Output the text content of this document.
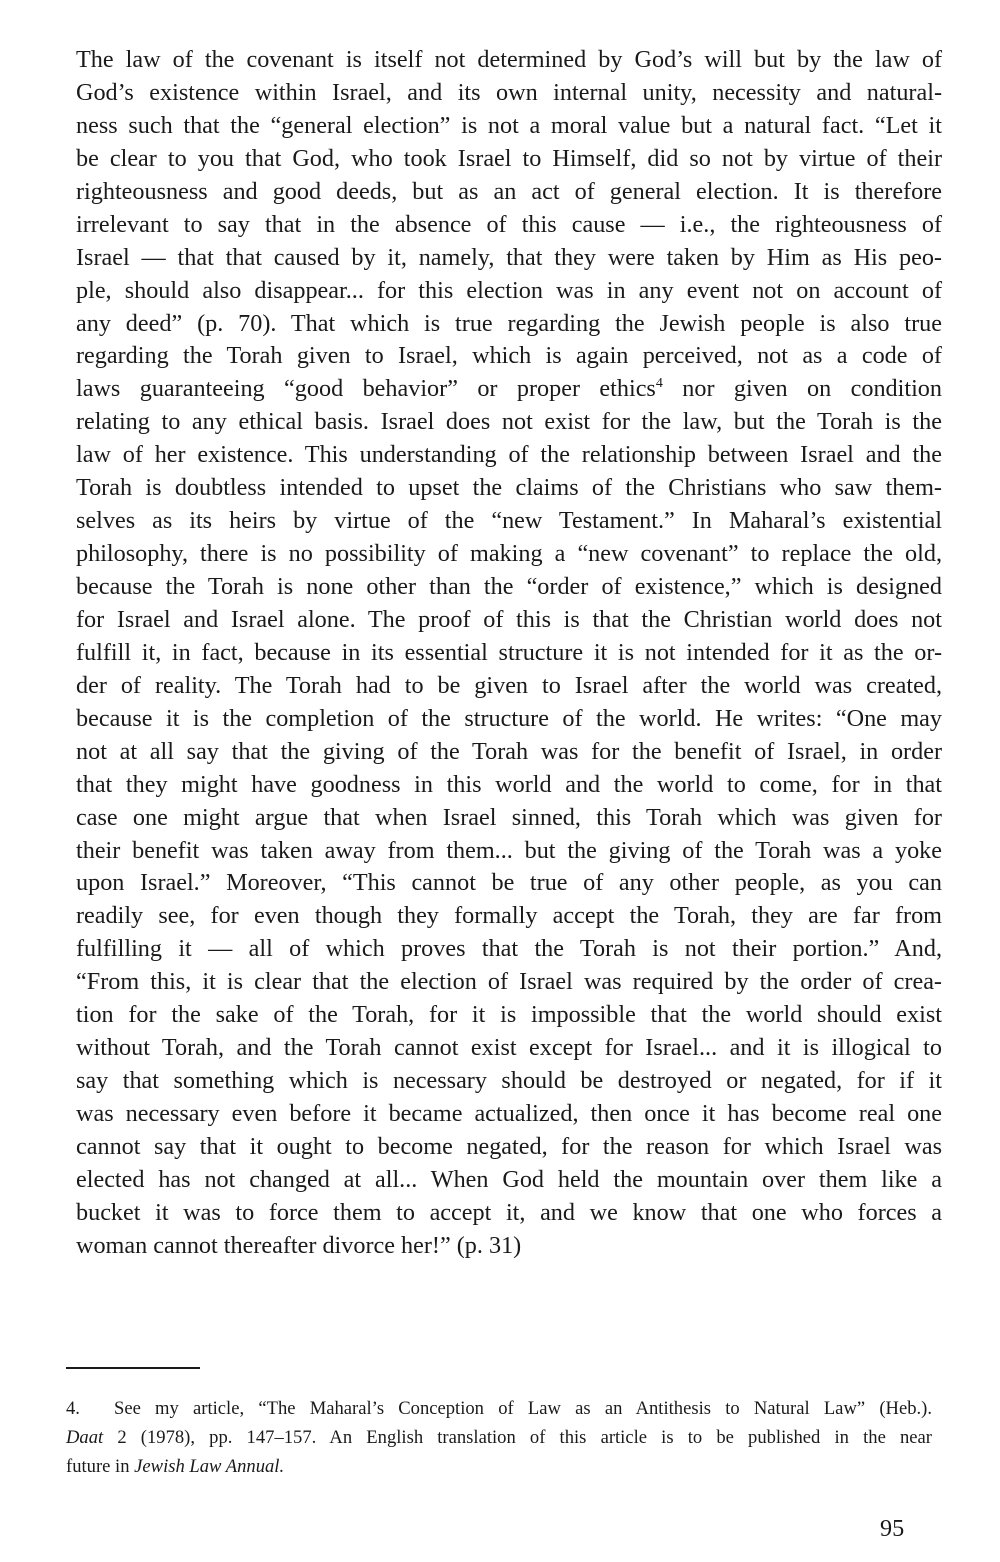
The law of the covenant is itself not determined by God’s will but by the law of
God’s existence within Israel, and its own internal unity, necessity and natural-
ness such that the “general election” is not a moral value but a natural fact. “Let it
be clear to you that God, who took Israel to Himself, did so not by virtue of their
righteousness and good deeds, but as an act of general election. It is therefore
irrelevant to say that in the absence of this cause — i.e., the righteousness of
Israel — that that caused by it, namely, that they were taken by Him as His peo-
ple, should also disappear... for this election was in any event not on account of
any deed” (p. 70). That which is true regarding the Jewish people is also true
regarding the Torah given to Israel, which is again perceived, not as a code of
laws guaranteeing “good behavior” or proper ethics$^4$ nor given on condition
relating to any ethical basis. Israel does not exist for the law, but the Torah is the
law of her existence. This understanding of the relationship between Israel and the
Torah is doubtless intended to upset the claims of the Christians who saw them-
selves as its heirs by virtue of the “new Testament.” In Maharal’s existential
philosophy, there is no possibility of making a “new covenant” to replace the old,
because the Torah is none other than the “order of existence,” which is designed
for Israel and Israel alone. The proof of this is that the Christian world does not
fulfill it, in fact, because in its essential structure it is not intended for it as the or-
der of reality. The Torah had to be given to Israel after the world was created,
because it is the completion of the structure of the world. He writes: “One may
not at all say that the giving of the Torah was for the benefit of Israel, in order
that they might have goodness in this world and the world to come, for in that
case one might argue that when Israel sinned, this Torah which was given for
their benefit was taken away from them... but the giving of the Torah was a yoke
upon Israel.” Moreover, “This cannot be true of any other people, as you can
readily see, for even though they formally accept the Torah, they are far from
fulfilling it — all of which proves that the Torah is not their portion.” And,
“From this, it is clear that the election of Israel was required by the order of crea-
tion for the sake of the Torah, for it is impossible that the world should exist
without Torah, and the Torah cannot exist except for Israel... and it is illogical to
say that something which is necessary should be destroyed or negated, for if it
was necessary even before it became actualized, then once it has become real one
cannot say that it ought to become negated, for the reason for which Israel was
elected has not changed at all... When God held the mountain over them like a
bucket it was to force them to accept it, and we know that one who forces a
woman cannot thereafter divorce her!” (p. 31)
4. See my article, “The Maharal’s Conception of Law as an Antithesis to Natural Law” (Heb.).
Daat 2 (1978), pp. 147–157. An English translation of this article is to be published in the near
future in Jewish Law Annual.
95
